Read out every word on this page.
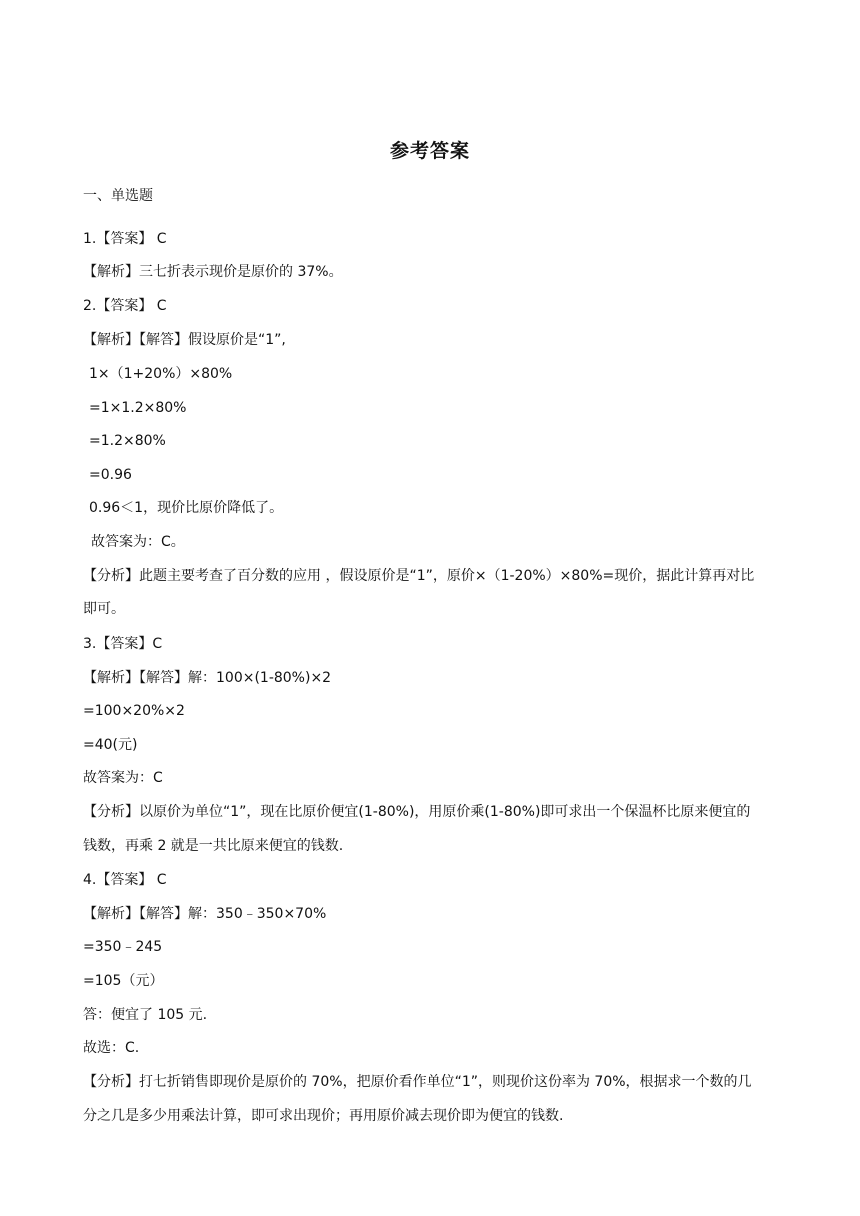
参考答案
一、单选题
1.【答案】 C
【解析】三七折表示现价是原价的 37%。
2.【答案】 C
【解析】【解答】假设原价是“1”,
1×（1+20%）×80%
=1×1.2×80%
=1.2×80%
=0.96
0.96＜1，现价比原价降低了。
故答案为：C。
【分析】此题主要考查了百分数的应用 ，假设原价是“1”，原价×（1-20%）×80%=现价，据此计算再对比
即可。
3.【答案】C
【解析】【解答】解：100×(1-80%)×2
=100×20%×2
=40(元)
故答案为：C
【分析】以原价为单位“1”，现在比原价便宜(1-80%)，用原价乘(1-80%)即可求出一个保温杯比原来便宜的
钱数，再乘 2 就是一共比原来便宜的钱数.
4.【答案】 C
【解析】【解答】解：350﹣350×70%
=350﹣245
=105（元）
答：便宜了 105 元.
故选：C.
【分析】打七折销售即现价是原价的 70%，把原价看作单位“1”，则现价这份率为 70%，根据求一个数的几
分之几是多少用乘法计算，即可求出现价；再用原价减去现价即为便宜的钱数.
